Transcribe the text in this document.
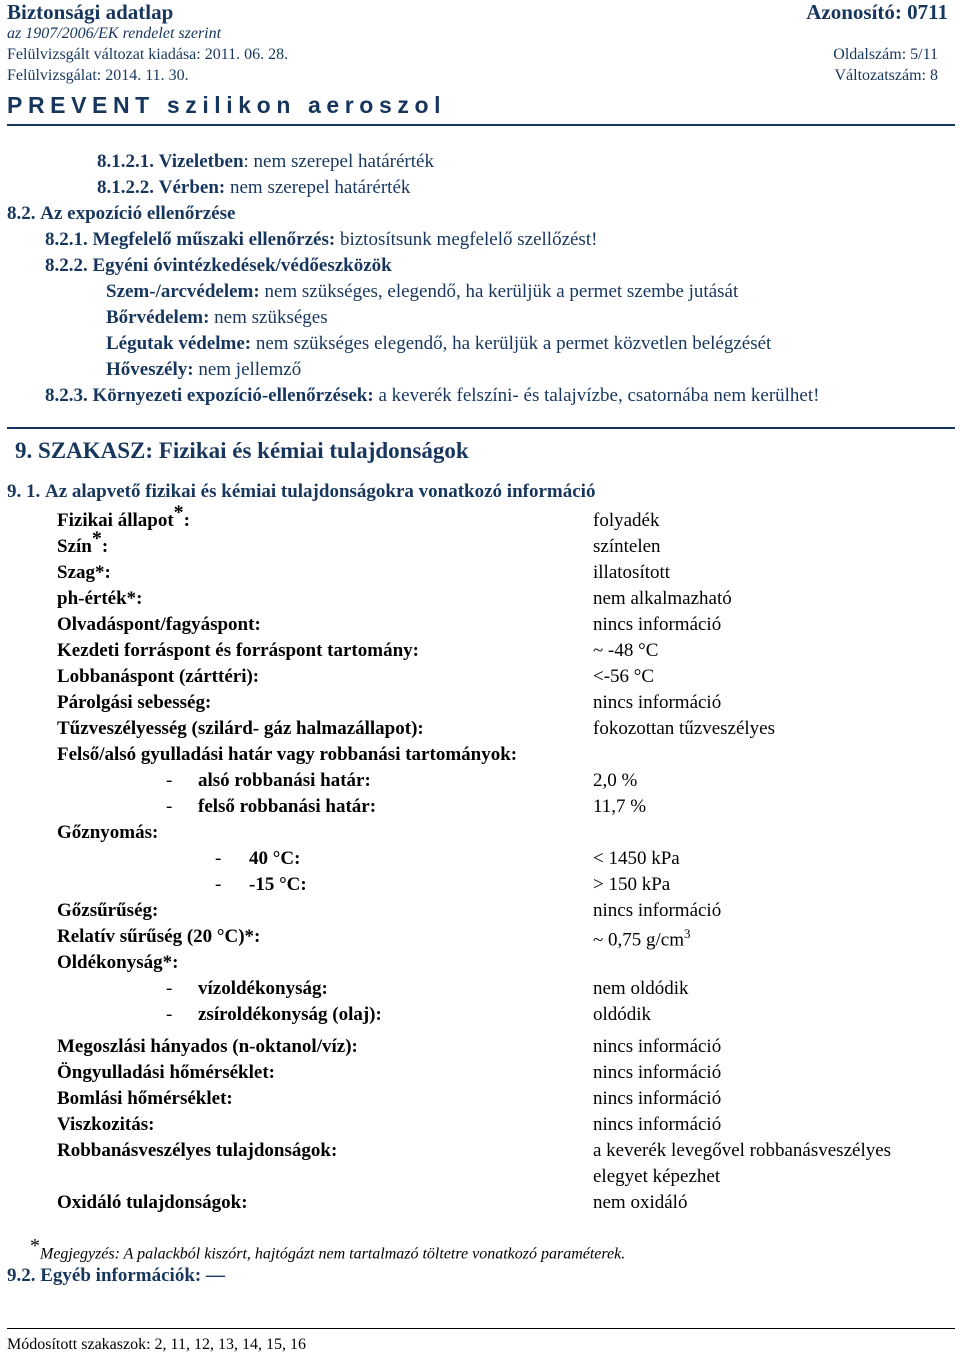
Biztonsági adatlap	Azonosító: 0711
az 1907/2006/EK rendelet szerint
Felülvizsgált változat kiadása: 2011. 06. 28.	Oldalszám: 5/11
Felülvizsgálat: 2014. 11. 30.	Változatszám: 8
PREVENT szilikon aeroszol
8.1.2.1. Vizeletben: nem szerepel határérték
8.1.2.2. Vérben: nem szerepel határérték
8.2. Az expozíció ellenőrzése
8.2.1. Megfelelő műszaki ellenőrzés: biztosítsunk megfelelő szellőzést!
8.2.2. Egyéni óvintézkedések/védőeszközök
Szem-/arcvédelem: nem szükséges, elegendő, ha kerüljük a permet szembe jutását
Bőrvédelem: nem szükséges
Légutak védelme: nem szükséges elegendő, ha kerüljük a permet közvetlen belégzését
Hőveszély: nem jellemző
8.2.3. Környezeti expozíció-ellenőrzések: a keverék felszíni- és talajvízbe, csatornába nem kerülhet!
9. SZAKASZ: Fizikai és kémiai tulajdonságok
9. 1. Az alapvető fizikai és kémiai tulajdonságokra vonatkozó információ
Fizikai állapot*:	folyadék
Szín*:	színtelen
Szag*:	illatosított
ph-érték*:	nem alkalmazható
Olvadáspont/fagyáspont:	nincs információ
Kezdeti forráspont és forráspont tartomány:	~ -48 °C
Lobbanáspont (zárttéri):	<-56 °C
Párolgási sebesség:	nincs információ
Tűzveszélyesség (szilárd- gáz halmazállapot):	fokozottan tűzveszélyes
Felső/alsó gyulladási határ vagy robbanási tartományok:
- alsó robbanási határ:	2,0 %
- felső robbanási határ:	11,7 %
Gőznyomás:
- 40 °C:	< 1450 kPa
- -15 °C:	> 150 kPa
Gőzsűrűség:	nincs információ
Relatív sűrűség (20 °C)*:	~ 0,75 $g/cm^3$
Oldékonyság*:
- vízoldékonyság:	nem oldódik
- zsíroldékonyság (olaj):	oldódik
Megoszlási hányados (n-oktanol/víz):	nincs információ
Öngyulladási hőmérséklet:	nincs információ
Bomlási hőmérséklet:	nincs információ
Viszkozitás:	nincs információ
Robbanásveszélyes tulajdonságok:	a keverék levegővel robbanásveszélyes
elegyet képezhet
Oxidáló tulajdonságok:	nem oxidáló
*Megjegyzés: A palackból kiszórt, hajtógázt nem tartalmazó töltetre vonatkozó paraméterek.
9.2. Egyéb információk: —
Módosított szakaszok: 2, 11, 12, 13, 14, 15, 16
